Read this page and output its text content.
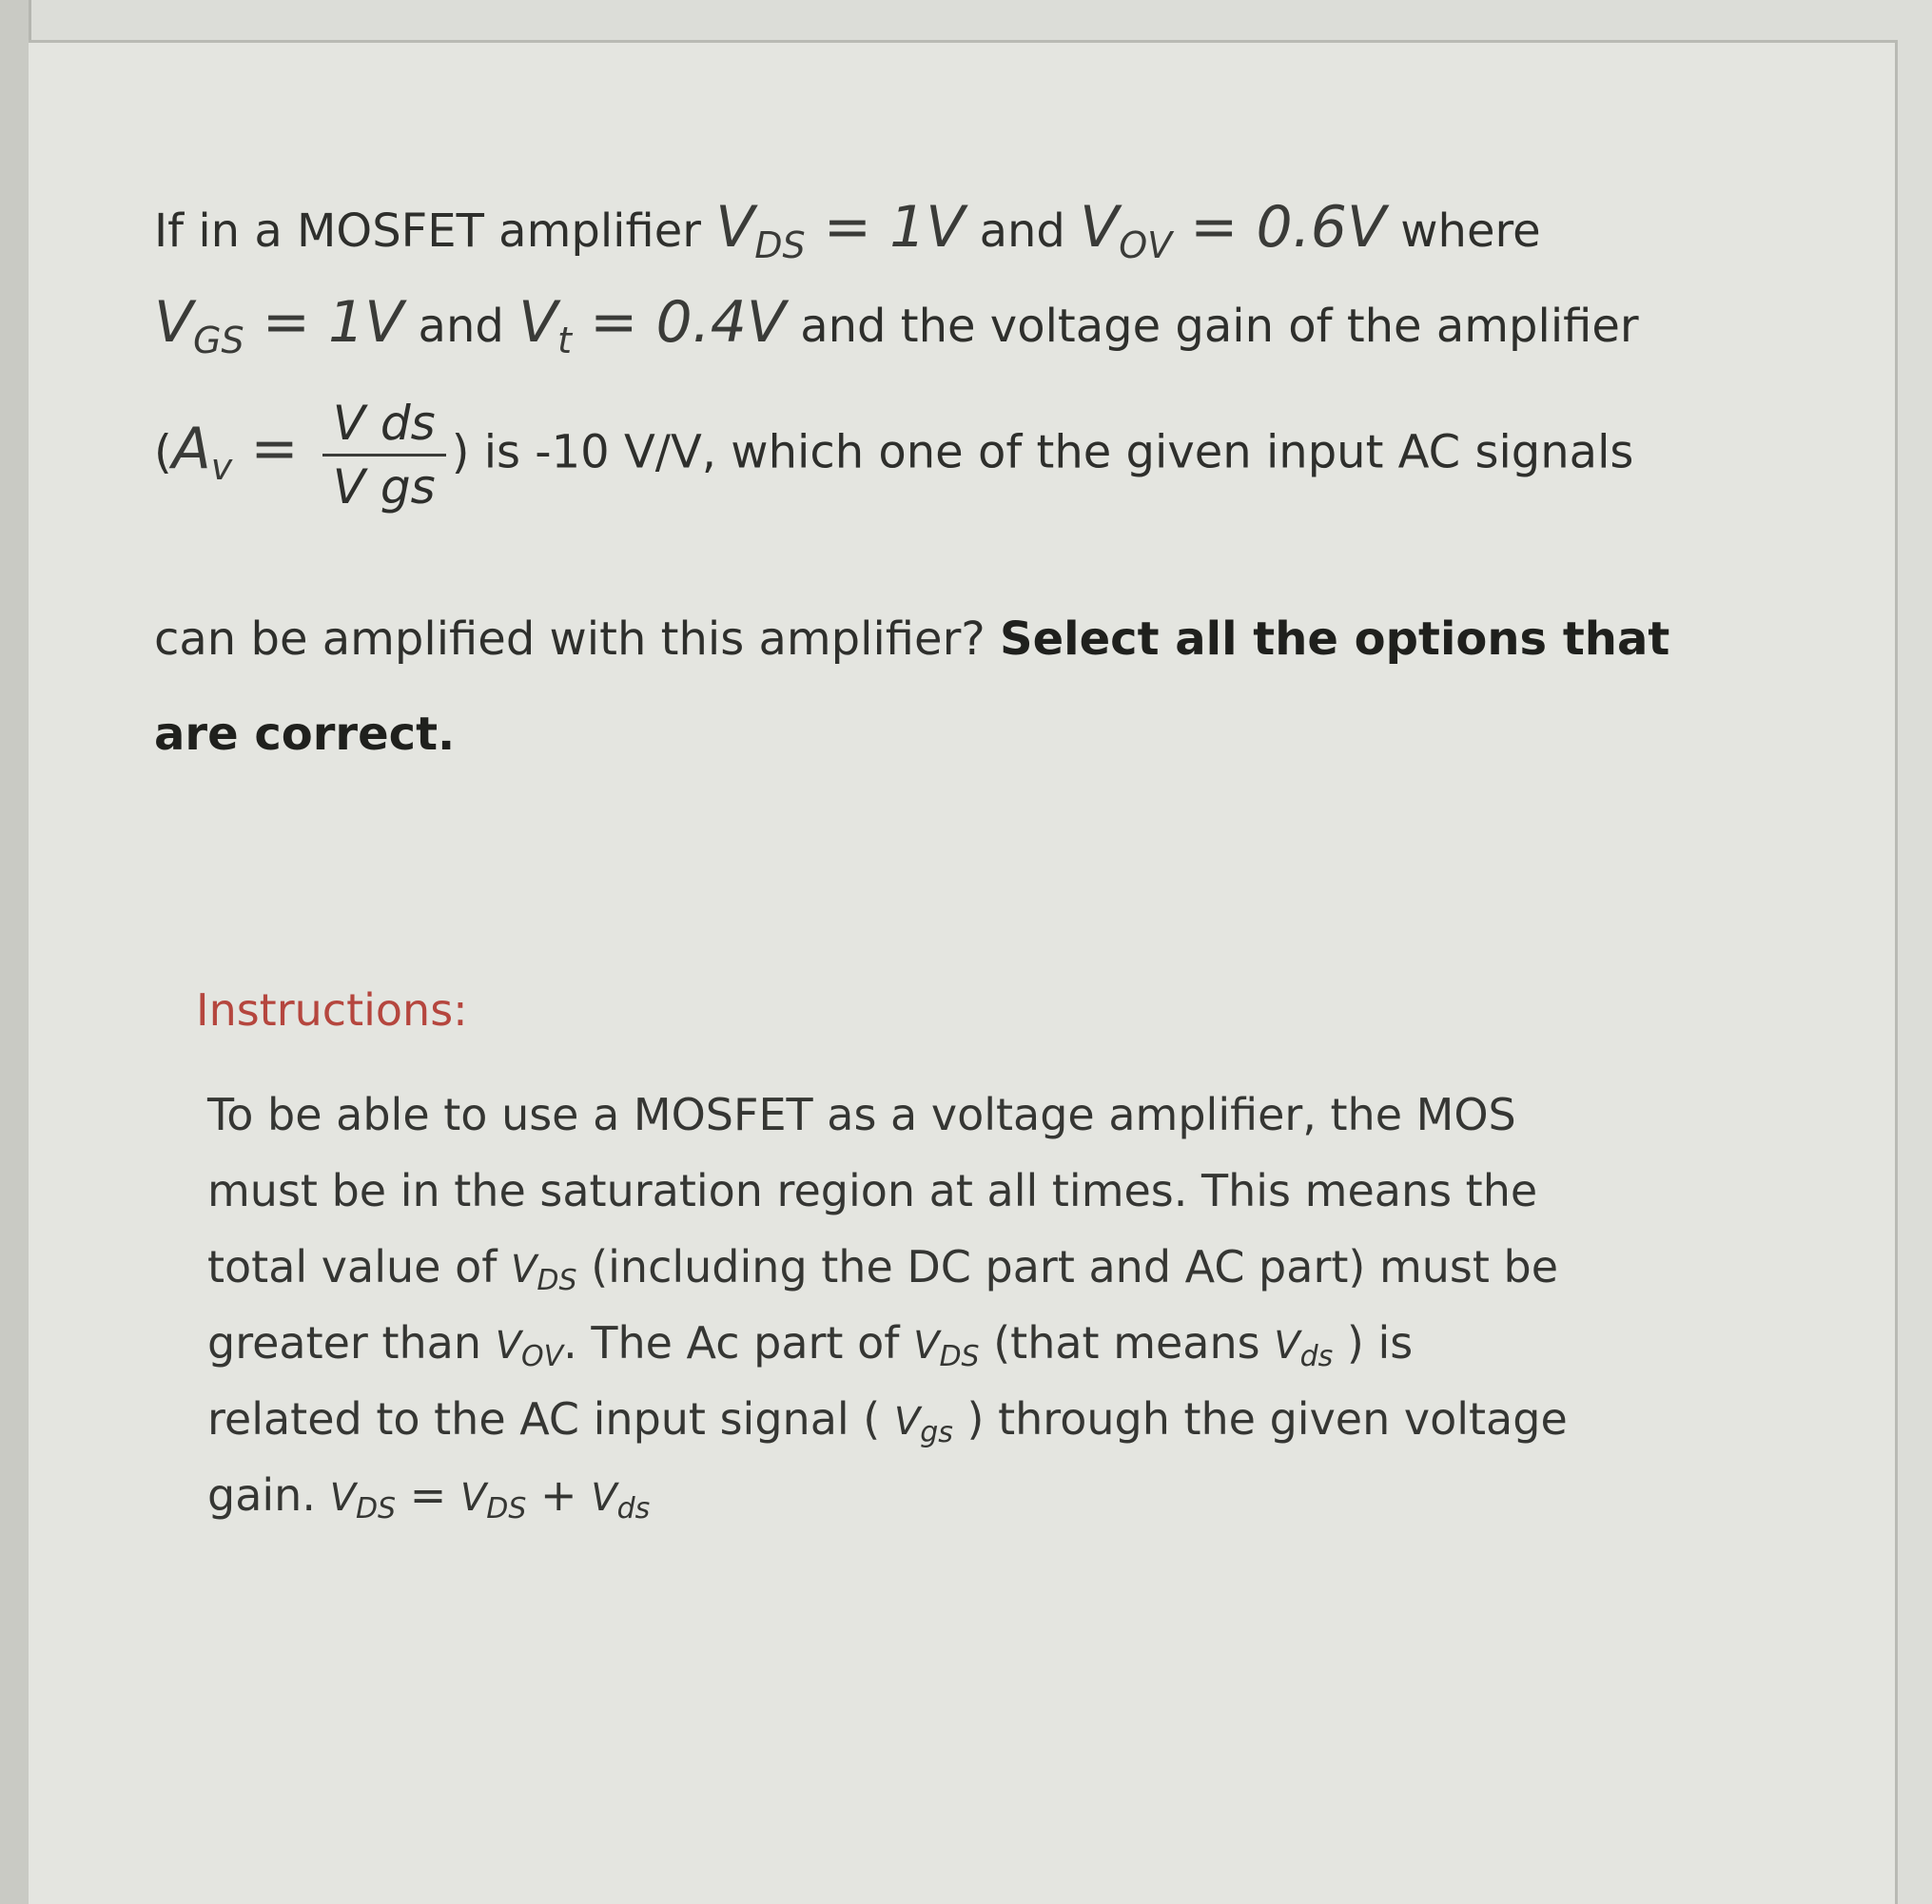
If in a MOSFET amplifier $V_{DS} = 1V$ and $V_{OV} = 0.6V$ where
$V_{GS} = 1V$ and $V_t = 0.4V$ and the voltage gain of the amplifier
($A_v = \frac{\text{V ds}}{\text{V gs}}$ ) is -10 V/V, which one of the given input AC signals
can be amplified with this amplifier? Select all the options that
are correct.
Instructions:
To be able to use a MOSFET as a voltage amplifier, the MOS
must be in the saturation region at all times. This means the
total value of $V_{DS}$ (including the DC part and AC part) must be
greater than $V_{OV}$. The Ac part of $V_{DS}$ (that means $V_{ds}$ ) is
related to the AC input signal ( $V_{gs}$ ) through the given voltage
gain. $V_{DS} = V_{DS} + V_{ds}$
